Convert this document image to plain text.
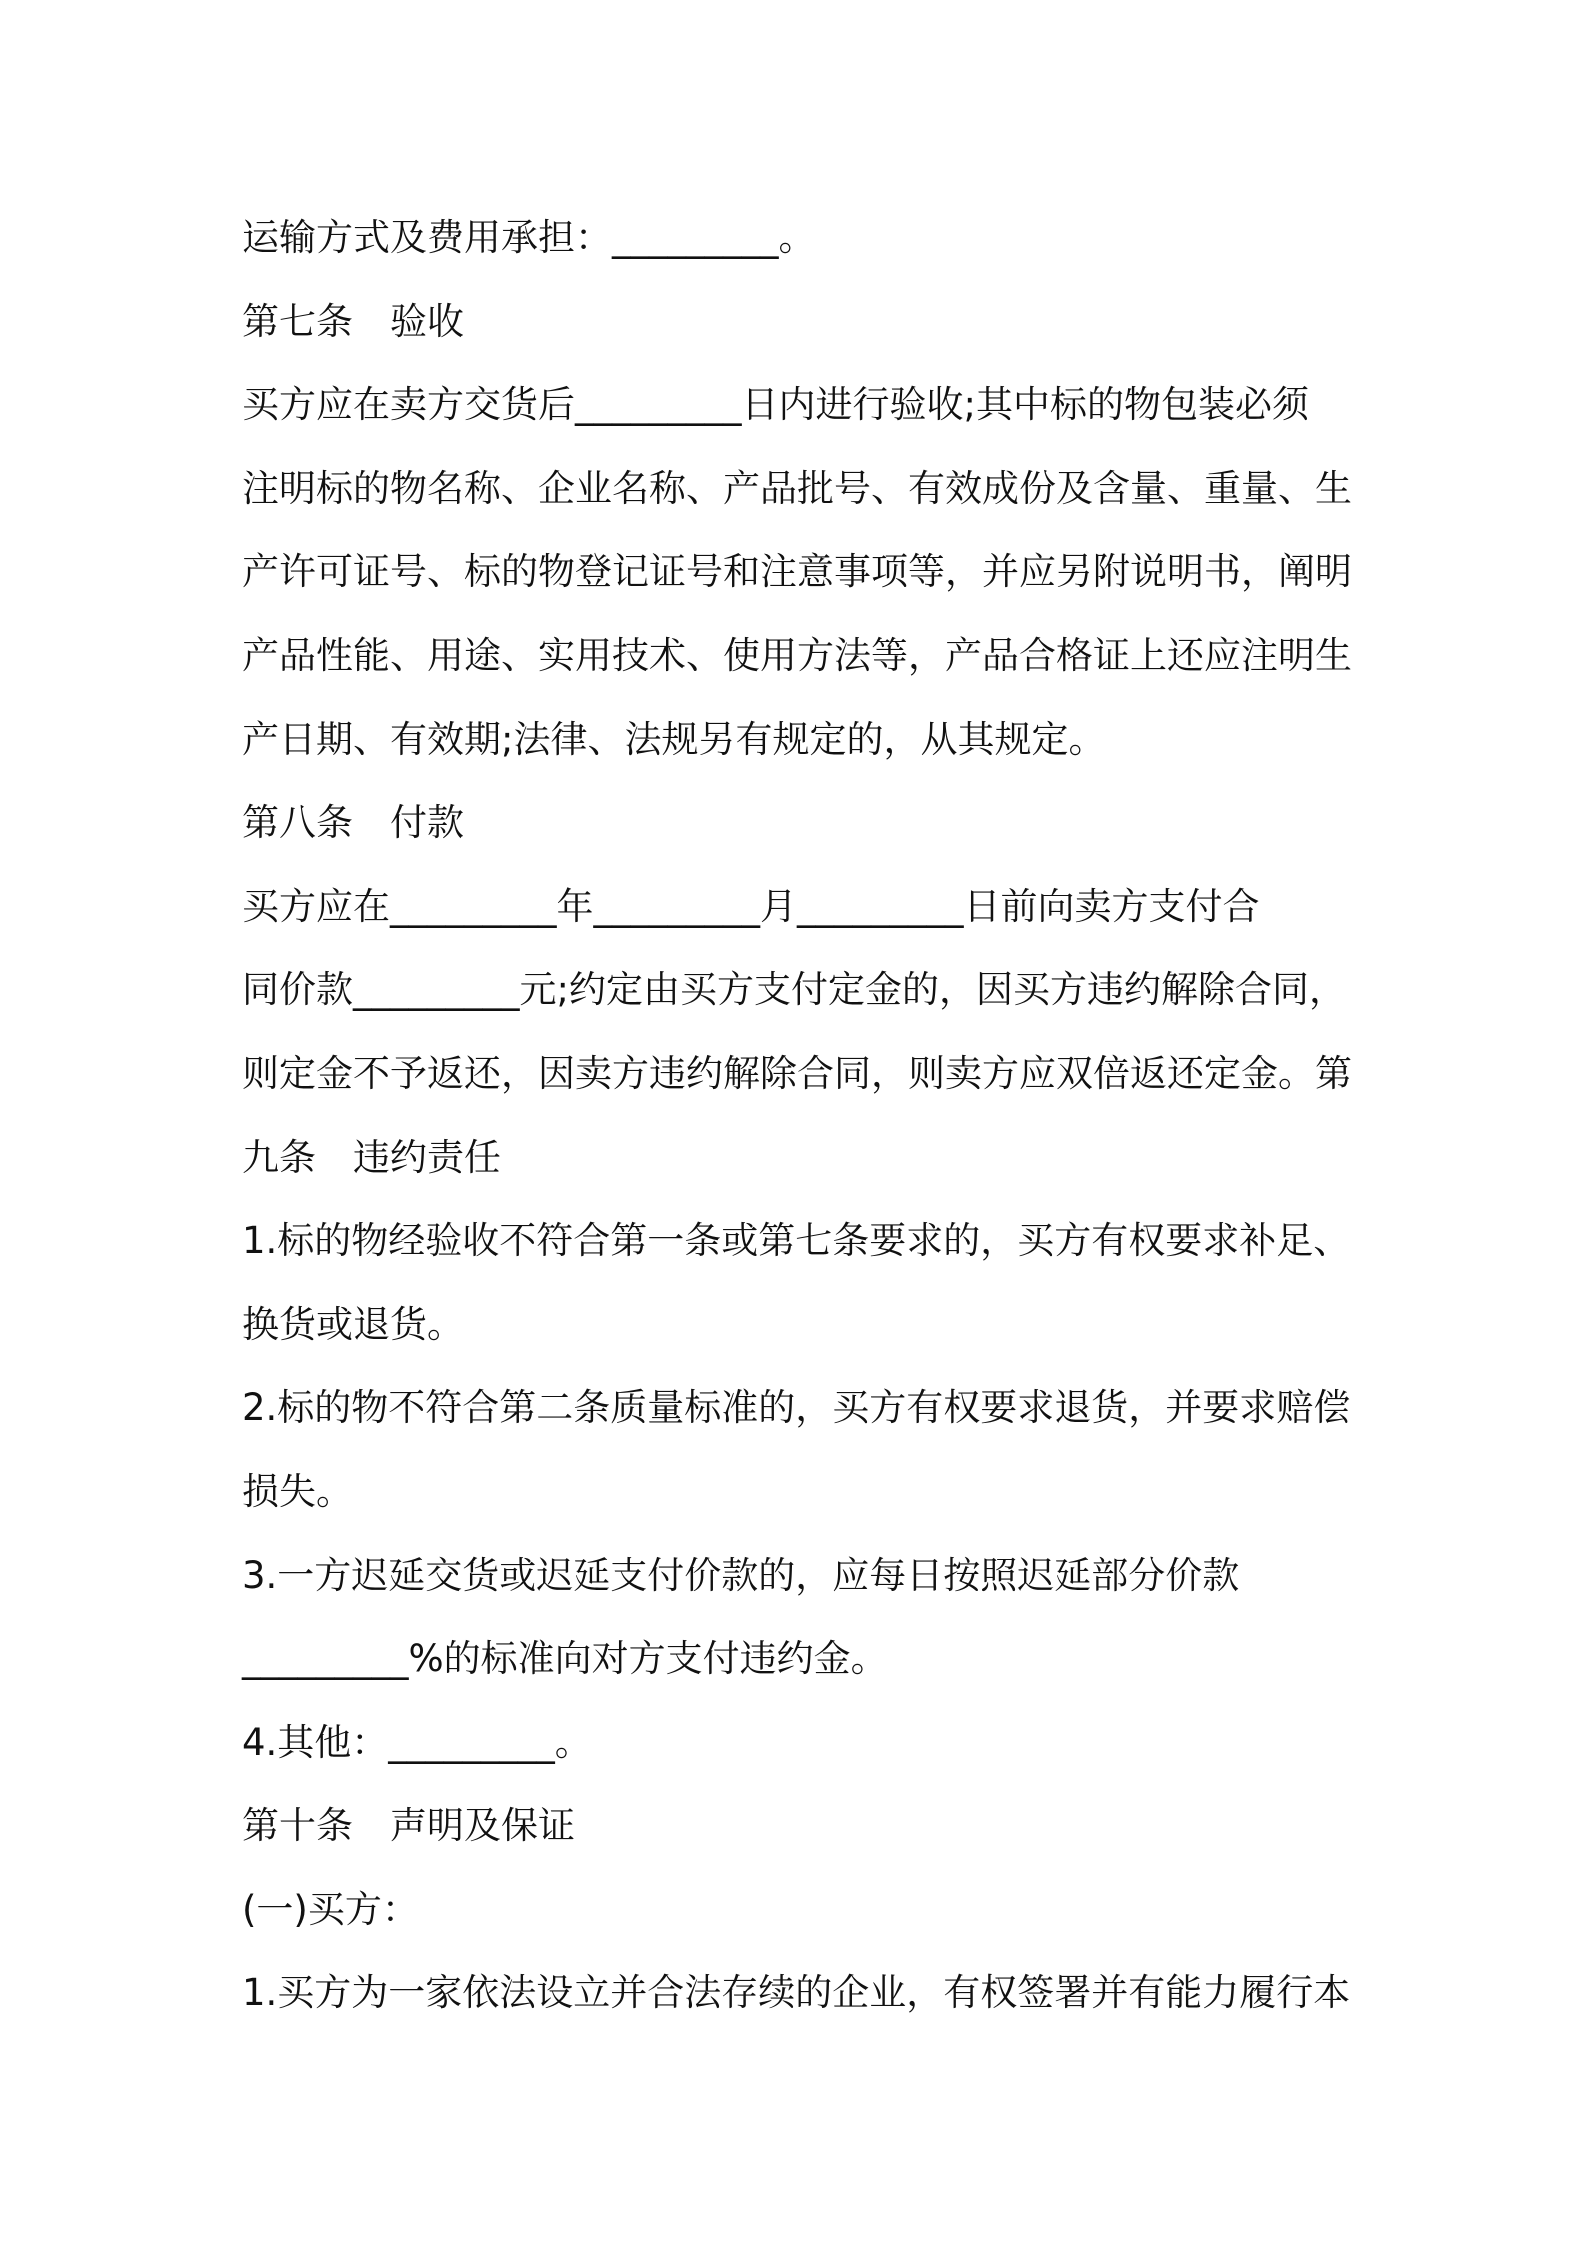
运输方式及费用承担：_________。
第七条　验收
买方应在卖方交货后_________日内进行验收;其中标的物包装必须
注明标的物名称、企业名称、产品批号、有效成份及含量、重量、生
产许可证号、标的物登记证号和注意事项等，并应另附说明书，阐明
产品性能、用途、实用技术、使用方法等，产品合格证上还应注明生
产日期、有效期;法律、法规另有规定的，从其规定。
第八条　付款
买方应在_________年_________月_________日前向卖方支付合
同价款_________元;约定由买方支付定金的，因买方违约解除合同，
则定金不予返还，因卖方违约解除合同，则卖方应双倍返还定金。第
九条　违约责任
1.标的物经验收不符合第一条或第七条要求的，买方有权要求补足、
换货或退货。
2.标的物不符合第二条质量标准的，买方有权要求退货，并要求赔偿
损失。
3.一方迟延交货或迟延支付价款的，应每日按照迟延部分价款
_________%的标准向对方支付违约金。
4.其他：_________。
第十条　声明及保证
(一)买方：
1.买方为一家依法设立并合法存续的企业，有权签署并有能力履行本
